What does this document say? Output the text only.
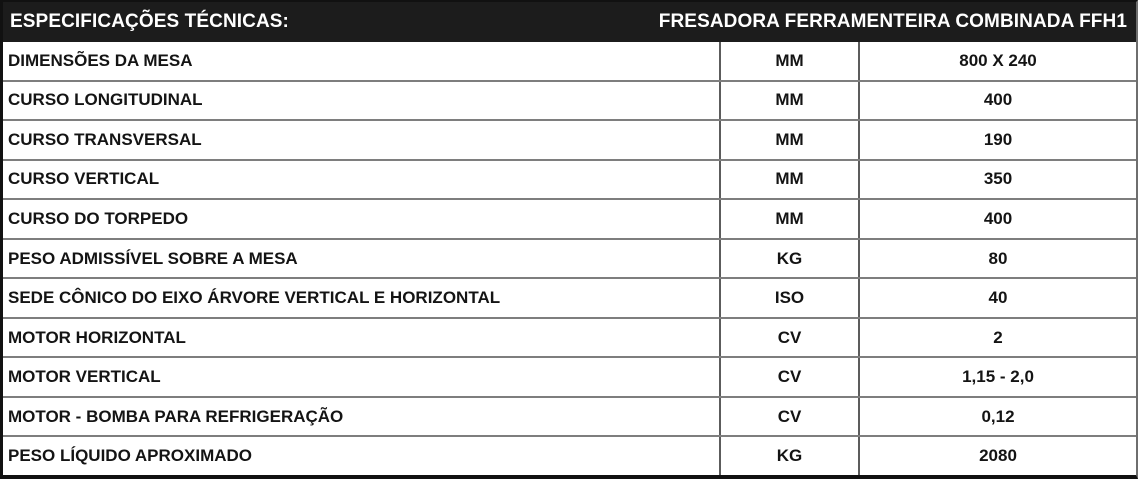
ESPECIFICAÇÕES TÉCNICAS:	FRESADORA FERRAMENTEIRA COMBINADA FFH1
DIMENSÕES DA MESA	MM	800 X 240
CURSO LONGITUDINAL	MM	400
CURSO TRANSVERSAL	MM	190
CURSO VERTICAL	MM	350
CURSO DO TORPEDO	MM	400
PESO ADMISSÍVEL SOBRE A MESA	KG	80
SEDE CÔNICO DO EIXO ÁRVORE VERTICAL E HORIZONTAL	ISO	40
MOTOR HORIZONTAL	CV	2
MOTOR VERTICAL	CV	1,15 - 2,0
MOTOR - BOMBA PARA REFRIGERAÇÃO	CV	0,12
PESO LÍQUIDO APROXIMADO	KG	2080
